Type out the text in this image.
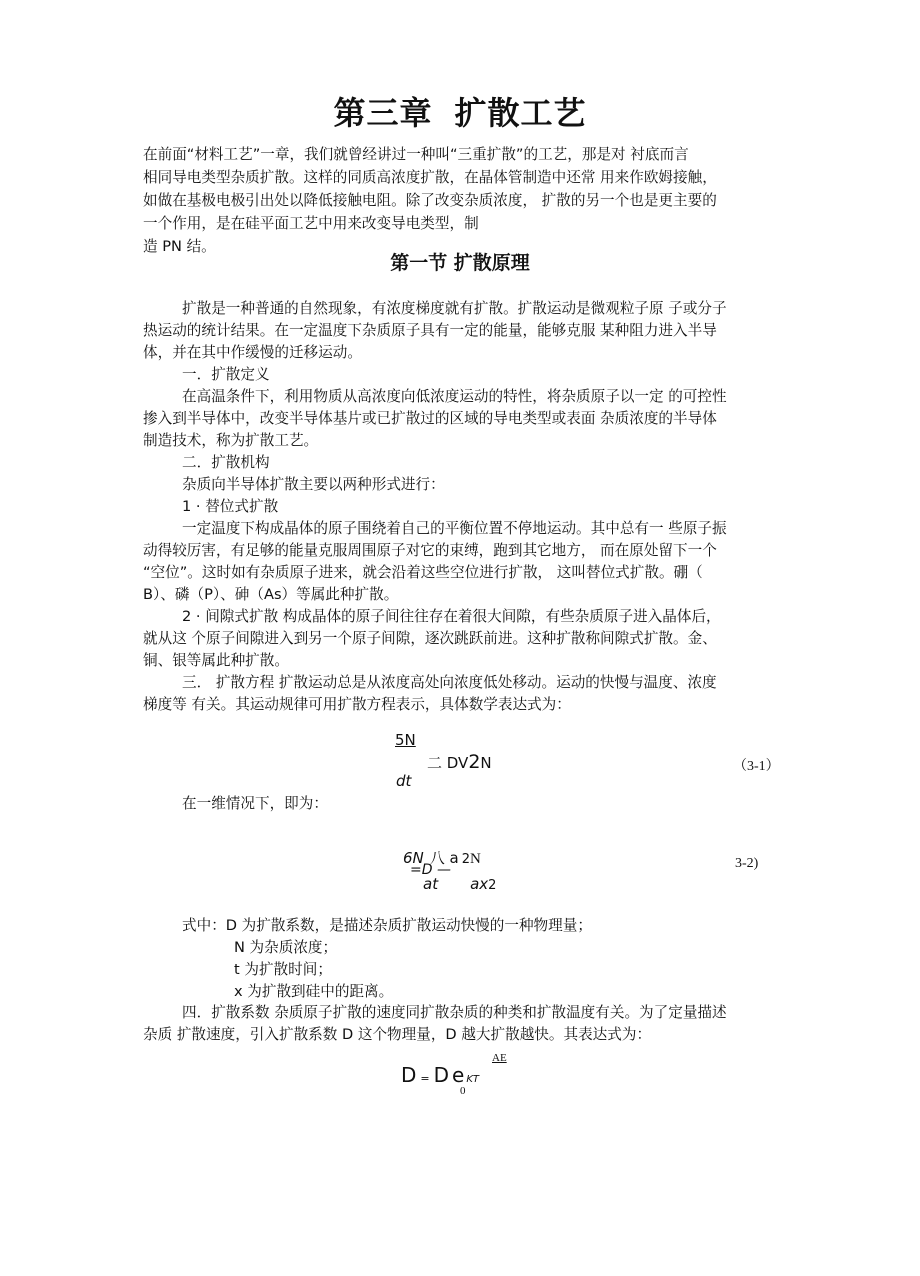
第三章 扩散工艺
在前面“材料工艺”一章，我们就曾经讲过一种叫“三重扩散”的工艺，那是对 衬底而言
相同导电类型杂质扩散。这样的同质高浓度扩散，在晶体管制造中还常 用来作欧姆接触，
如做在基极电极引出处以降低接触电阻。除了改变杂质浓度， 扩散的另一个也是更主要的
一个作用，是在硅平面工艺中用来改变导电类型，制
造 PN 结。
第一节 扩散原理
扩散是一种普通的自然现象，有浓度梯度就有扩散。扩散运动是微观粒子原 子或分子
热运动的统计结果。在一定温度下杂质原子具有一定的能量，能够克服 某种阻力进入半导
体，并在其中作缓慢的迁移运动。
一．扩散定义
在高温条件下，利用物质从高浓度向低浓度运动的特性，将杂质原子以一定 的可控性
掺入到半导体中，改变半导体基片或已扩散过的区域的导电类型或表面 杂质浓度的半导体
制造技术，称为扩散工艺。
二．扩散机构
杂质向半导体扩散主要以两种形式进行：
1 · 替位式扩散
一定温度下构成晶体的原子围绕着自己的平衡位置不停地运动。其中总有一 些原子振
动得较厉害，有足够的能量克服周围原子对它的束缚，跑到其它地方， 而在原处留下一个
“空位”。这时如有杂质原子进来，就会沿着这些空位进行扩散， 这叫替位式扩散。硼（
B）、磷（P）、砷（As）等属此种扩散。
2 · 间隙式扩散 构成晶体的原子间往往存在着很大间隙，有些杂质原子进入晶体后，
就从这 个原子间隙进入到另一个原子间隙，逐次跳跃前进。这种扩散称间隙式扩散。金、
铜、银等属此种扩散。
三． 扩散方程 扩散运动总是从浓度高处向浓度低处移动。运动的快慢与温度、浓度
梯度等 有关。其运动规律可用扩散方程表示，具体数学表达式为：
5N
二 DV2N
dt
（3-1）
在一维情况下，即为：
6N 八 a 2N
=D —
at ax2
3-2)
式中：D 为扩散系数，是描述杂质扩散运动快慢的一种物理量；
N 为杂质浓度；
t 为扩散时间；
x 为扩散到硅中的距离。
四．扩散系数 杂质原子扩散的速度同扩散杂质的种类和扩散温度有关。为了定量描述
杂质 扩散速度，引入扩散系数 D 这个物理量，D 越大扩散越快。其表达式为：
AE
D = D e KT
0
